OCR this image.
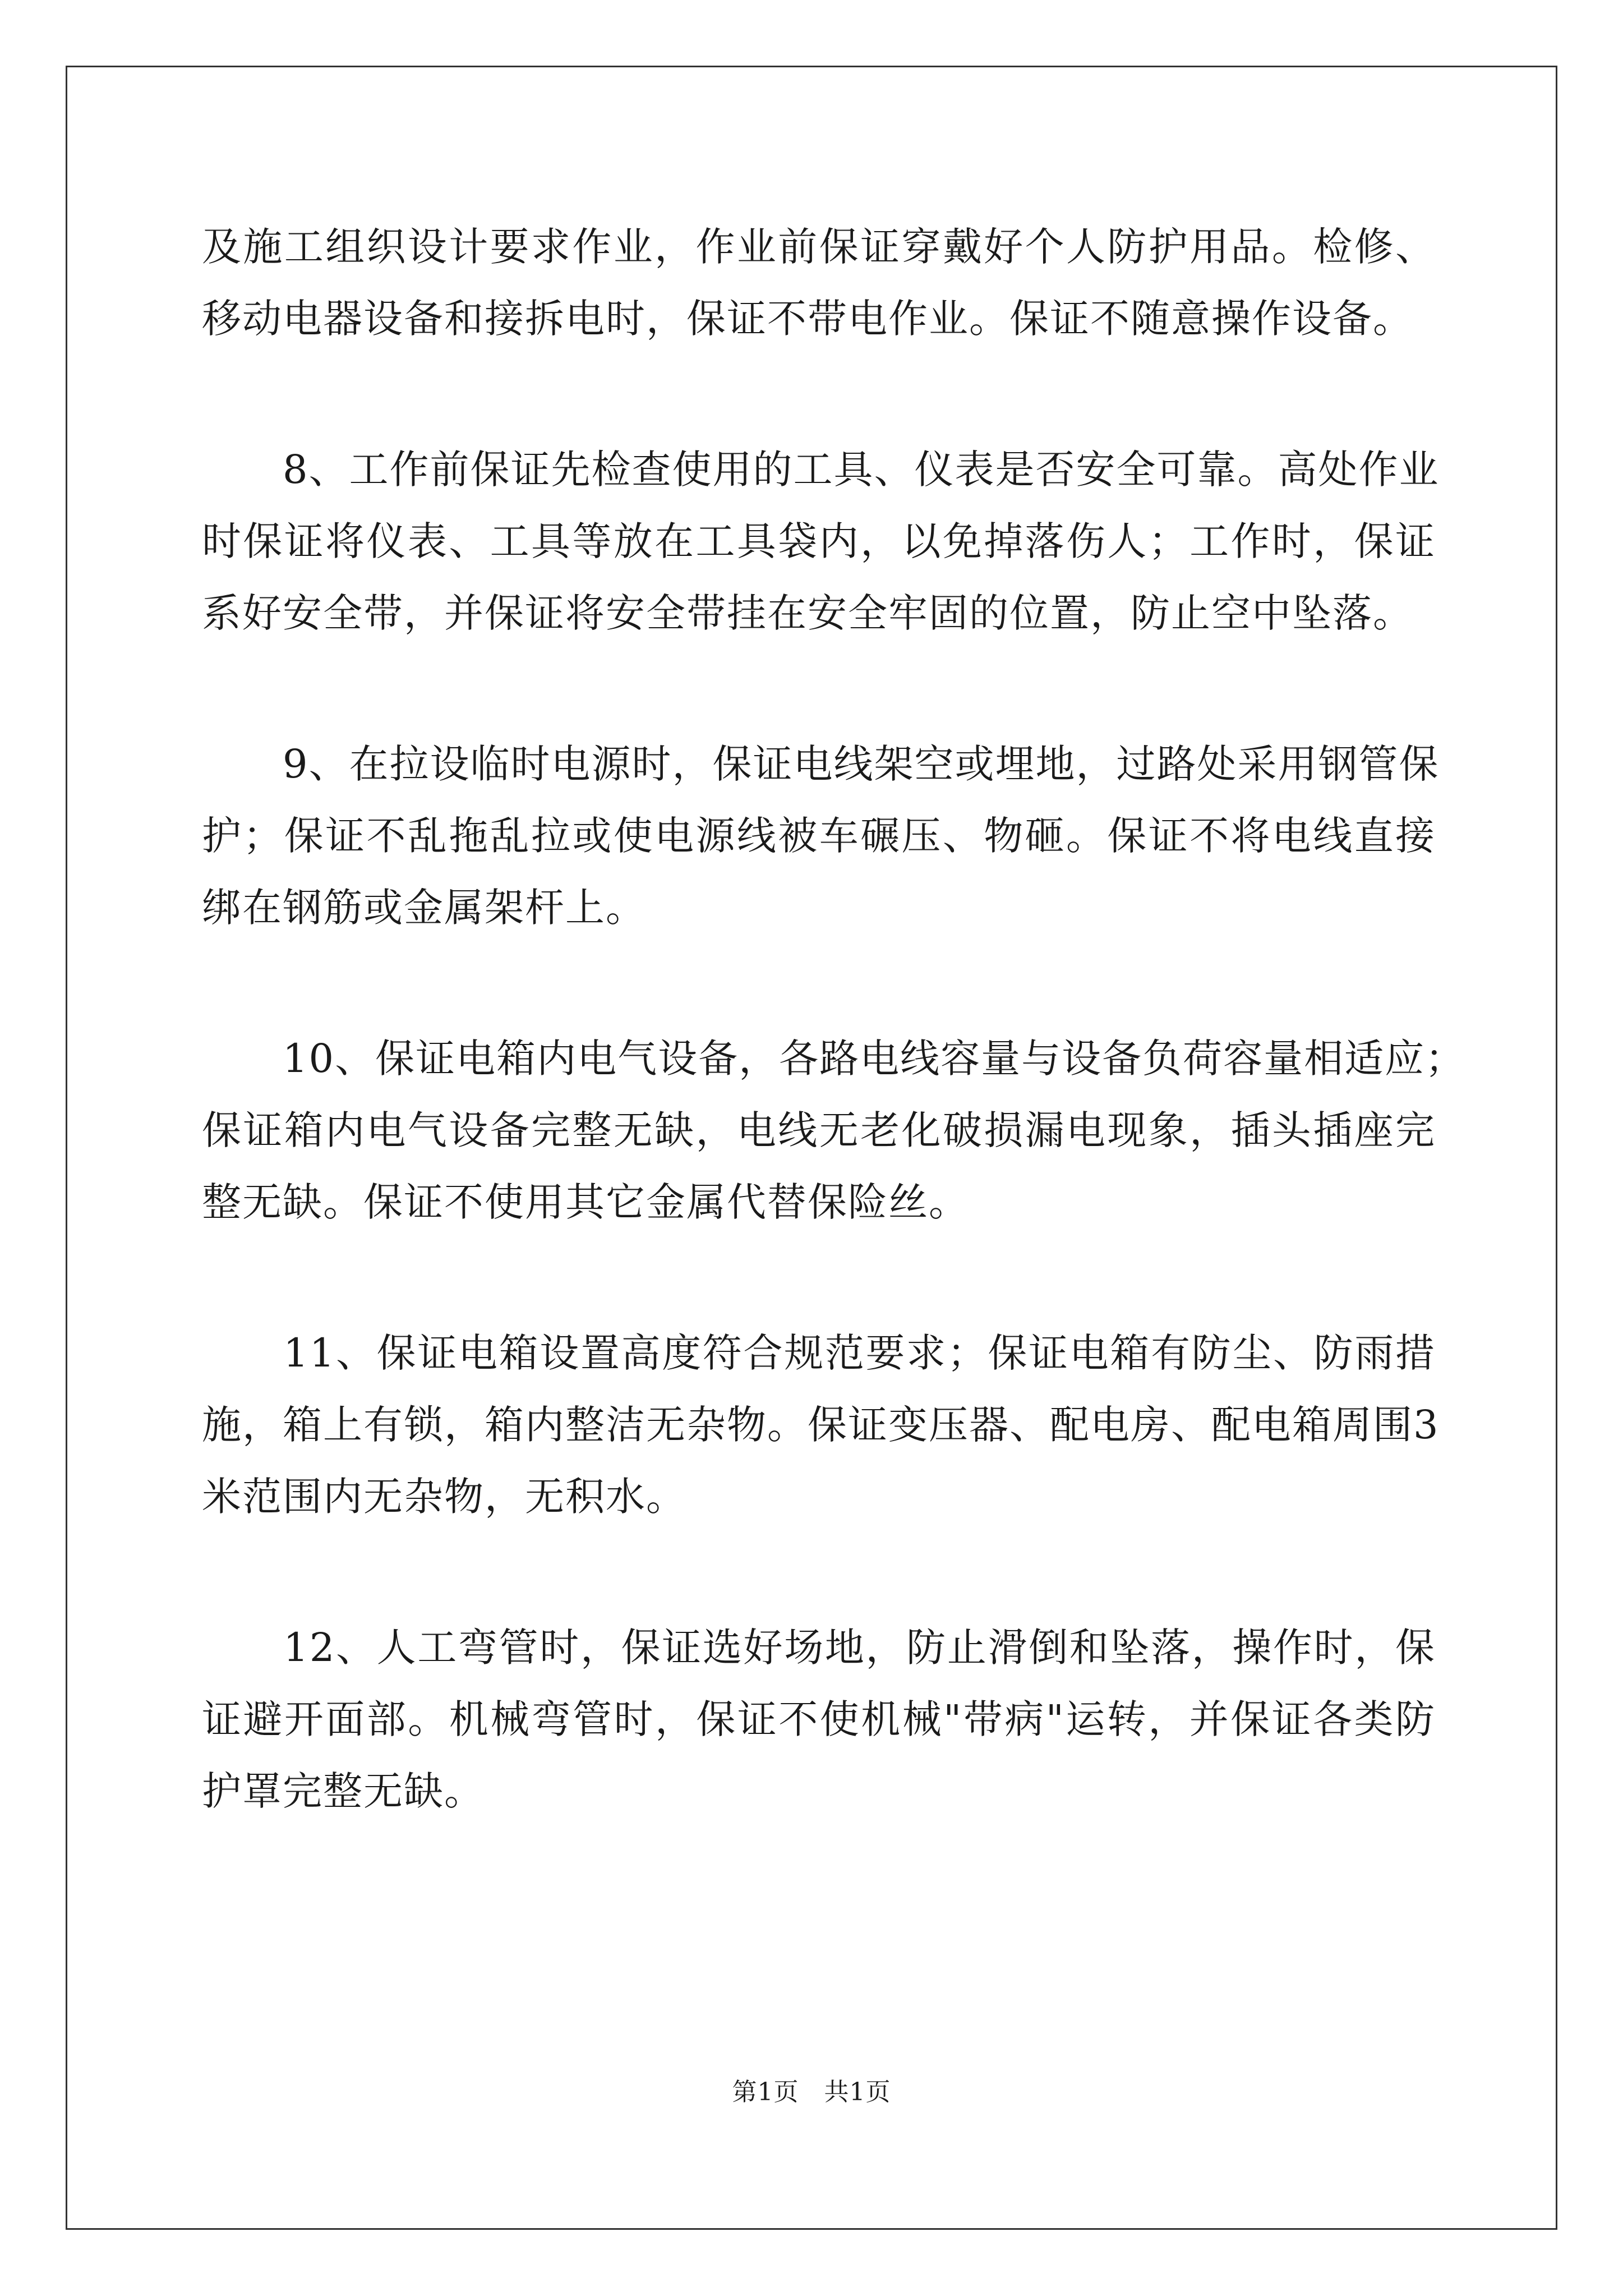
及施工组织设计要求作业，作业前保证穿戴好个人防护用品。检修、
移动电器设备和接拆电时，保证不带电作业。保证不随意操作设备。
　　8、工作前保证先检查使用的工具、仪表是否安全可靠。高处作业
时保证将仪表、工具等放在工具袋内，以免掉落伤人；工作时，保证
系好安全带，并保证将安全带挂在安全牢固的位置，防止空中坠落。
　　9、在拉设临时电源时，保证电线架空或埋地，过路处采用钢管保
护；保证不乱拖乱拉或使电源线被车碾压、物砸。保证不将电线直接
绑在钢筋或金属架杆上。
　　10、保证电箱内电气设备，各路电线容量与设备负荷容量相适应；
保证箱内电气设备完整无缺，电线无老化破损漏电现象，插头插座完
整无缺。保证不使用其它金属代替保险丝。
　　11、保证电箱设置高度符合规范要求；保证电箱有防尘、防雨措
施，箱上有锁，箱内整洁无杂物。保证变压器、配电房、配电箱周围3
米范围内无杂物，无积水。
　　12、人工弯管时，保证选好场地，防止滑倒和坠落，操作时，保
证避开面部。机械弯管时，保证不使机械"带病"运转，并保证各类防
护罩完整无缺。
第1页　共1页
